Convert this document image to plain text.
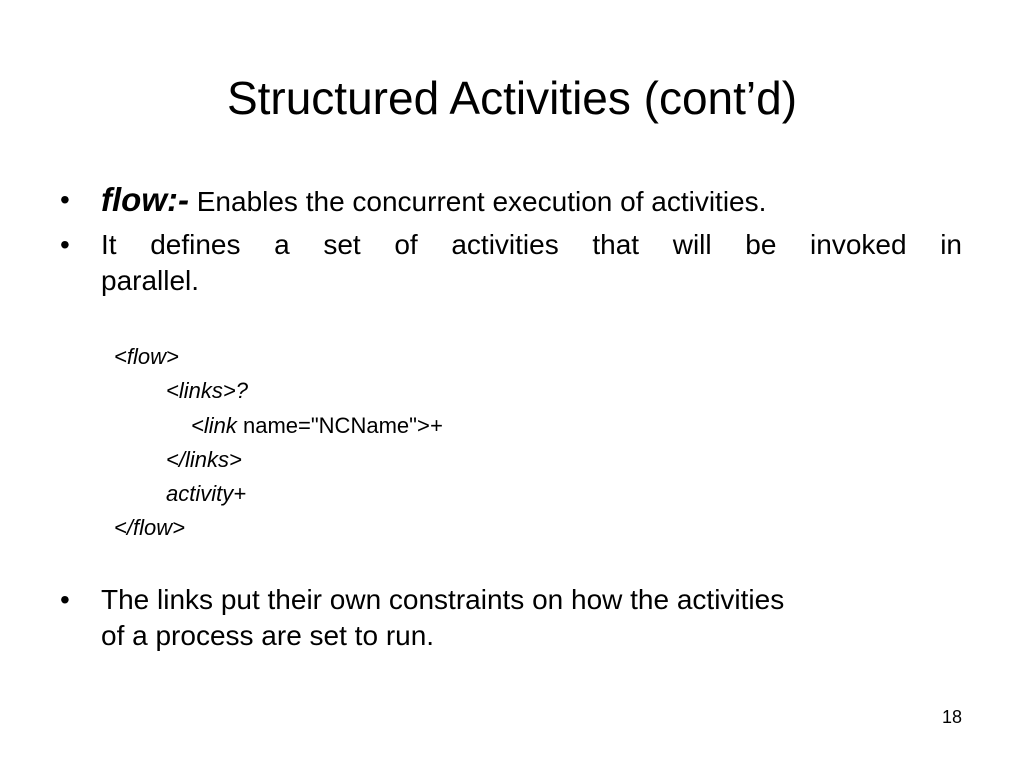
Structured Activities (cont’d)
• flow:- Enables the concurrent execution of activities.
•	It defines a set of activities that will be invoked in
parallel.
<flow>
<links>?
<link name="NCName">+
</links>
activity+
</flow>
•	The links put their own constraints on how the activities
of a process are set to run.
18
